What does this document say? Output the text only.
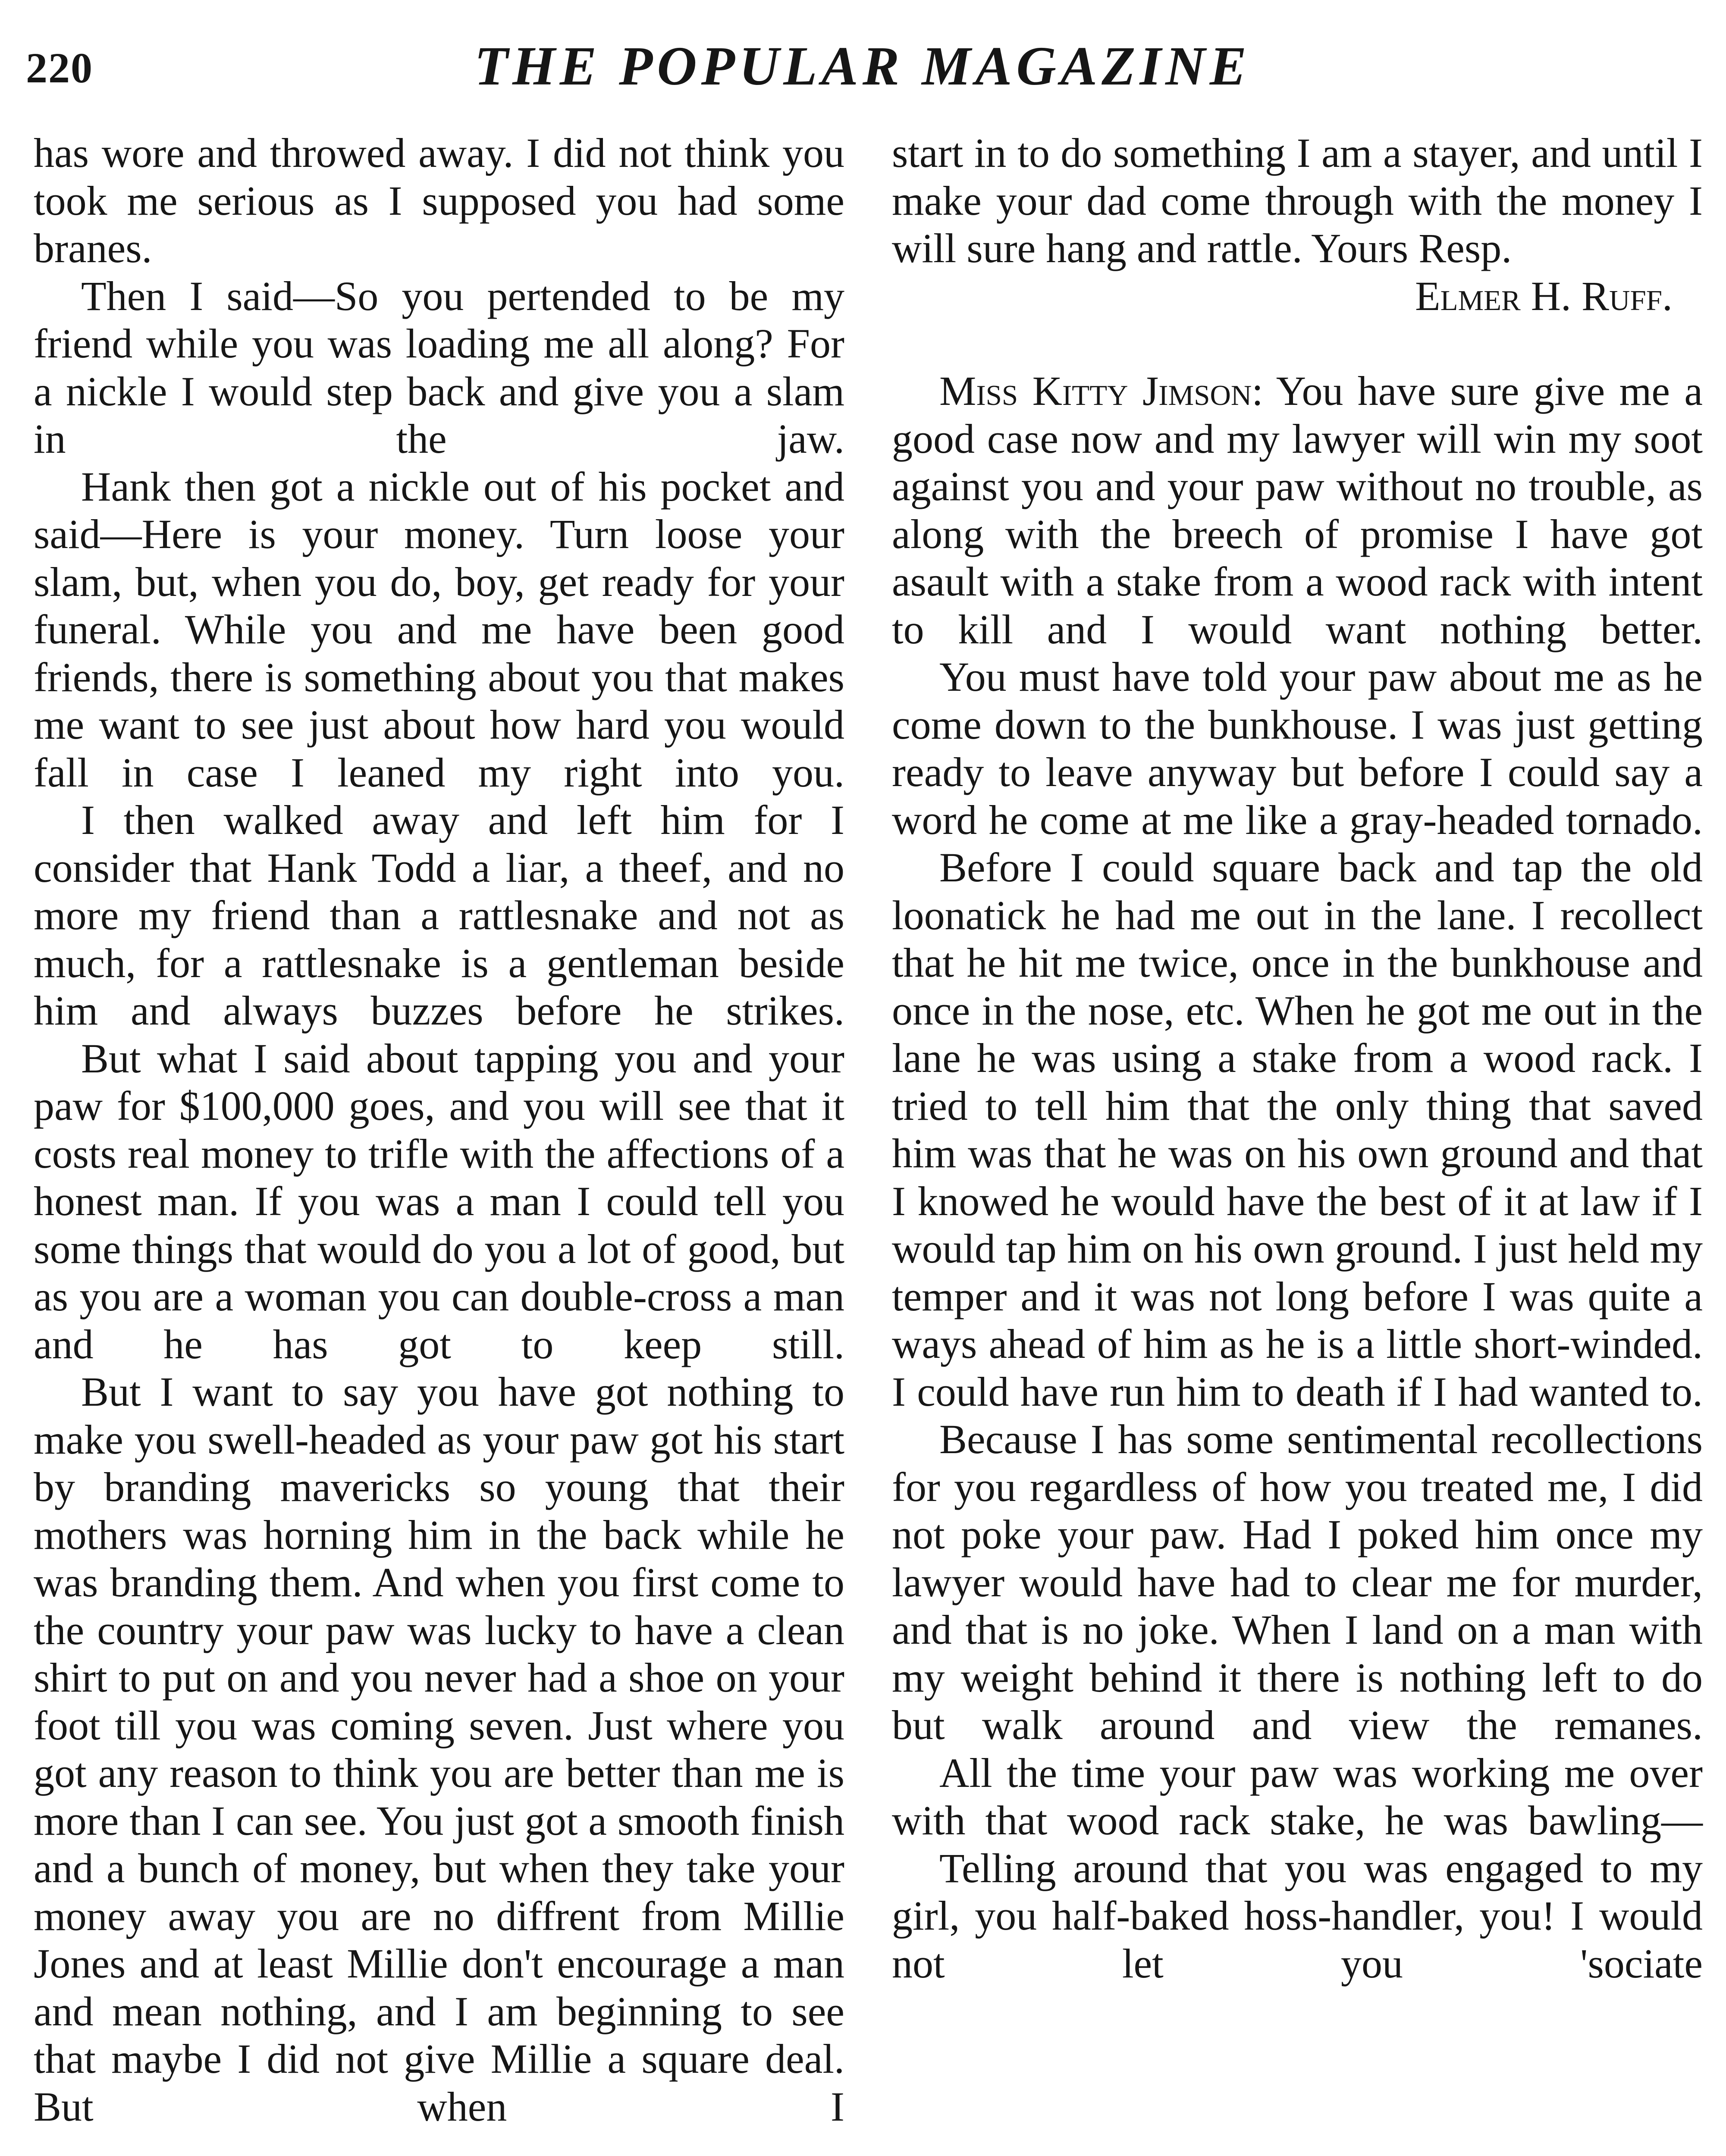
220	THE POPULAR MAGAZINE

has wore and throwed away. I did not think you took me serious as I supposed you had some branes.

Then I said—So you pertended to be my friend while you was loading me all along? For a nickle I would step back and give you a slam in the jaw.

Hank then got a nickle out of his pocket and said—Here is your money. Turn loose your slam, but, when you do, boy, get ready for your funeral. While you and me have been good friends, there is something about you that makes me want to see just about how hard you would fall in case I leaned my right into you.

I then walked away and left him for I consider that Hank Todd a liar, a theef, and no more my friend than a rattlesnake and not as much, for a rattlesnake is a gentleman beside him and always buzzes before he strikes.

But what I said about tapping you and your paw for $100,000 goes, and you will see that it costs real money to trifle with the affections of a honest man. If you was a man I could tell you some things that would do you a lot of good, but as you are a woman you can double-cross a man and he has got to keep still.

But I want to say you have got nothing to make you swell-headed as your paw got his start by branding mavericks so young that their mothers was horning him in the back while he was branding them. And when you first come to the country your paw was lucky to have a clean shirt to put on and you never had a shoe on your foot till you was coming seven. Just where you got any reason to think you are better than me is more than I can see. You just got a smooth finish and a bunch of money, but when they take your money away you are no diffrent from Millie Jones and at least Millie don't encourage a man and mean nothing, and I am beginning to see that maybe I did not give Millie a square deal. But when I

start in to do something I am a stayer, and until I make your dad come through with the money I will sure hang and rattle. Yours Resp.

Elmer H. Ruff.

Miss Kitty Jimson: You have sure give me a good case now and my lawyer will win my soot against you and your paw without no trouble, as along with the breech of promise I have got asault with a stake from a wood rack with intent to kill and I would want nothing better.

You must have told your paw about me as he come down to the bunkhouse. I was just getting ready to leave anyway but before I could say a word he come at me like a gray-headed tornado.

Before I could square back and tap the old loonatick he had me out in the lane. I recollect that he hit me twice, once in the bunkhouse and once in the nose, etc. When he got me out in the lane he was using a stake from a wood rack. I tried to tell him that the only thing that saved him was that he was on his own ground and that I knowed he would have the best of it at law if I would tap him on his own ground. I just held my temper and it was not long before I was quite a ways ahead of him as he is a little short-winded. I could have run him to death if I had wanted to.

Because I has some sentimental recollections for you regardless of how you treated me, I did not poke your paw. Had I poked him once my lawyer would have had to clear me for murder, and that is no joke. When I land on a man with my weight behind it there is nothing left to do but walk around and view the remanes.

All the time your paw was working me over with that wood rack stake, he was bawling—

Telling around that you was engaged to my girl, you half-baked hoss-handler, you! I would not let you 'sociate
